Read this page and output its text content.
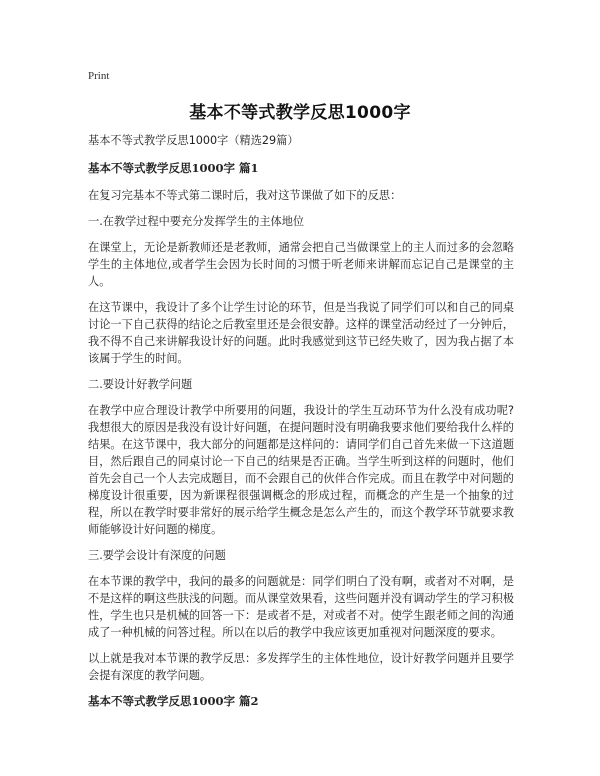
Print
基本不等式教学反思1000字

基本不等式教学反思1000字（精选29篇）

基本不等式教学反思1000字 篇1

在复习完基本不等式第二课时后，我对这节课做了如下的反思：

一.在教学过程中要充分发挥学生的主体地位

在课堂上，无论是新教师还是老教师，通常会把自己当做课堂上的主人而过多的会忽略学生的主体地位,或者学生会因为长时间的习惯于听老师来讲解而忘记自己是课堂的主人。

在这节课中，我设计了多个让学生讨论的环节，但是当我说了同学们可以和自己的同桌讨论一下自己获得的结论之后教室里还是会很安静。这样的课堂活动经过了一分钟后，我不得不自己来讲解我设计好的问题。此时我感觉到这节已经失败了，因为我占据了本该属于学生的时间。

二.要设计好教学问题

在教学中应合理设计教学中所要用的问题，我设计的学生互动环节为什么没有成功呢?我想很大的原因是我没有设计好问题，在提问题时没有明确我要求他们要给我什么样的结果。在这节课中，我大部分的问题都是这样问的：请同学们自己首先来做一下这道题目，然后跟自己的同桌讨论一下自己的结果是否正确。当学生听到这样的问题时，他们首先会自己一个人去完成题目，而不会跟自己的伙伴合作完成。而且在教学中对问题的梯度设计很重要，因为新课程很强调概念的形成过程，而概念的产生是一个抽象的过程，所以在教学时要非常好的展示给学生概念是怎么产生的，而这个教学环节就要求教师能够设计好问题的梯度。

三.要学会设计有深度的问题

在本节课的教学中，我问的最多的问题就是：同学们明白了没有啊，或者对不对啊，是不是这样的啊这些肤浅的问题。而从课堂效果看，这些问题并没有调动学生的学习积极性，学生也只是机械的回答一下：是或者不是，对或者不对。使学生跟老师之间的沟通成了一种机械的问答过程。所以在以后的教学中我应该更加重视对问题深度的要求。

以上就是我对本节课的教学反思：多发挥学生的主体性地位，设计好教学问题并且要学会提有深度的教学问题。

基本不等式教学反思1000字 篇2
